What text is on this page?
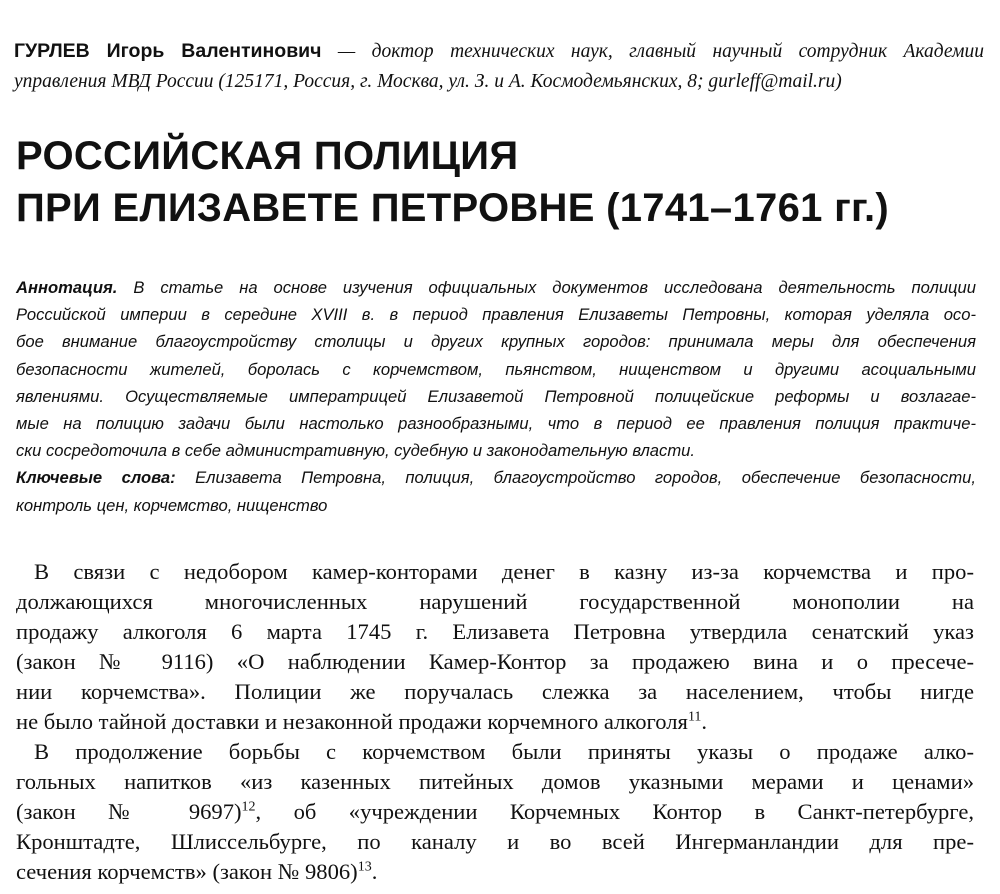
ГУРЛЕВ Игорь Валентинович — доктор технических наук, главный научный сотрудник Академии
управления МВД России (125171, Россия, г. Москва, ул. З. и А. Космодемьянских, 8; gurleff@mail.ru)
РОССИЙСКАЯ ПОЛИЦИЯ
ПРИ ЕЛИЗАВЕТЕ ПЕТРОВНЕ (1741–1761 гг.)
Аннотация. В статье на основе изучения официальных документов исследована деятельность полиции
Российской империи в середине XVIII в. в период правления Елизаветы Петровны, которая уделяла осо-
бое внимание благоустройству столицы и других крупных городов: принимала меры для обеспечения
безопасности жителей, боролась с корчемством, пьянством, нищенством и другими асоциальными
явлениями. Осуществляемые императрицей Елизаветой Петровной полицейские реформы и возлагае-
мые на полицию задачи были настолько разнообразными, что в период ее правления полиция практиче-
ски сосредоточила в себе административную, судебную и законодательную власти.
Ключевые слова: Елизавета Петровна, полиция, благоустройство городов, обеспечение безопасности,
контроль цен, корчемство, нищенство
В связи с недобором камер-конторами денег в казну из-за корчемства и про-
должающихся многочисленных нарушений государственной монополии на
продажу алкоголя 6 марта 1745 г. Елизавета Петровна утвердила сенатский указ
(закон № 9116) «О наблюдении Камер-Контор за продажею вина и о пресече-
нии корчемства». Полиции же поручалась слежка за населением, чтобы нигде
не было тайной доставки и незаконной продажи корчемного алкоголя$^{11}$.
В продолжение борьбы с корчемством были приняты указы о продаже алко-
гольных напитков «из казенных питейных домов указными мерами и ценами»
(закон № 9697)$^{12}$, об «учреждении Корчемных Контор в Санкт-петербурге,
Кронштадте, Шлиссельбурге, по каналу и во всей Ингерманландии для пре-
сечения корчемств» (закон № 9806)$^{13}$.
